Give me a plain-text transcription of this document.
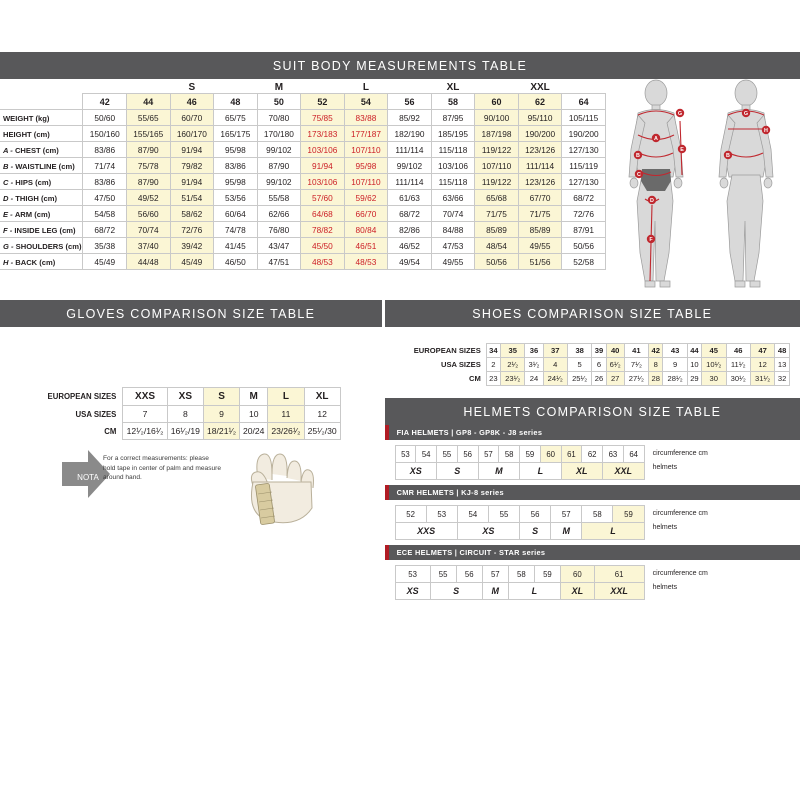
SUIT BODY MEASUREMENTS TABLE
			S		M		L		XL		XXL		
	42	44	46	48	50	52	54	56	58	60	62	64	
WEIGHT (kg)	50/60	55/65	60/70	65/75	70/80	75/85	83/88	85/92	87/95	90/100	95/110	105/115	
HEIGHT (cm)	150/160	155/165	160/170	165/175	170/180	173/183	177/187	182/190	185/195	187/198	190/200	190/200	
A - CHEST (cm)	83/86	87/90	91/94	95/98	99/102	103/106	107/110	111/114	115/118	119/122	123/126	127/130	
B - WAISTLINE (cm)	71/74	75/78	79/82	83/86	87/90	91/94	95/98	99/102	103/106	107/110	111/114	115/119	
C - HIPS (cm)	83/86	87/90	91/94	95/98	99/102	103/106	107/110	111/114	115/118	119/122	123/126	127/130	
D - THIGH (cm)	47/50	49/52	51/54	53/56	55/58	57/60	59/62	61/63	63/66	65/68	67/70	68/72	
E - ARM (cm)	54/58	56/60	58/62	60/64	62/66	64/68	66/70	68/72	70/74	71/75	71/75	72/76	
F - INSIDE LEG (cm)	68/72	70/74	72/76	74/78	76/80	78/82	80/84	82/86	84/88	85/89	85/89	87/91	
G - SHOULDERS (cm)	35/38	37/40	39/42	41/45	43/47	45/50	46/51	46/52	47/53	48/54	49/55	50/56	
H - BACK (cm)	45/49	44/48	45/49	46/50	47/51	48/53	48/53	49/54	49/55	50/56	51/56	52/58	
A
B
C
D
E
F
G	G
B
H
GLOVES COMPARISON SIZE TABLE
EUROPEAN SIZES	XXS	XS	S	M	L	XL
USA SIZES	7	8	9	10	11	12
CM	12¹⁄₂/16¹⁄₂	16¹⁄₂/19	18/21¹⁄₂	20/24	23/26¹⁄₂	25¹⁄₂/30
NOTA
For a correct measurements: please hold tape in center of palm and measure around hand.
SHOES COMPARISON SIZE TABLE
EUROPEAN SIZES	34	35	36	37	38	39	40	41	42	43	44	45	46	47	48
USA SIZES	2	2¹⁄₂	3¹⁄₂	4	5	6	6¹⁄₂	7¹⁄₂	8	9	10	10¹⁄₂	11¹⁄₂	12	13
CM	23	23¹⁄₂	24	24¹⁄₂	25¹⁄₂	26	27	27¹⁄₂	28	28¹⁄₂	29	30	30¹⁄₂	31¹⁄₂	32
HELMETS COMPARISON SIZE TABLE
FIA HELMETS | GP8 - GP8K - J8 series
53	54	55	56	57	58	59	60	61	62	63	64
XS		S		M		L		XL		XXL	
circumference cm
helmets
CMR HELMETS | KJ-8 series
52	53	54	55	56	57	58	59
XXS		XS		S	M	L	
circumference cm
helmets
ECE HELMETS | CIRCUIT - STAR series
53	55	56	57	58	59	60	61
XS	S		M	L		XL	XXL
circumference cm
helmets
